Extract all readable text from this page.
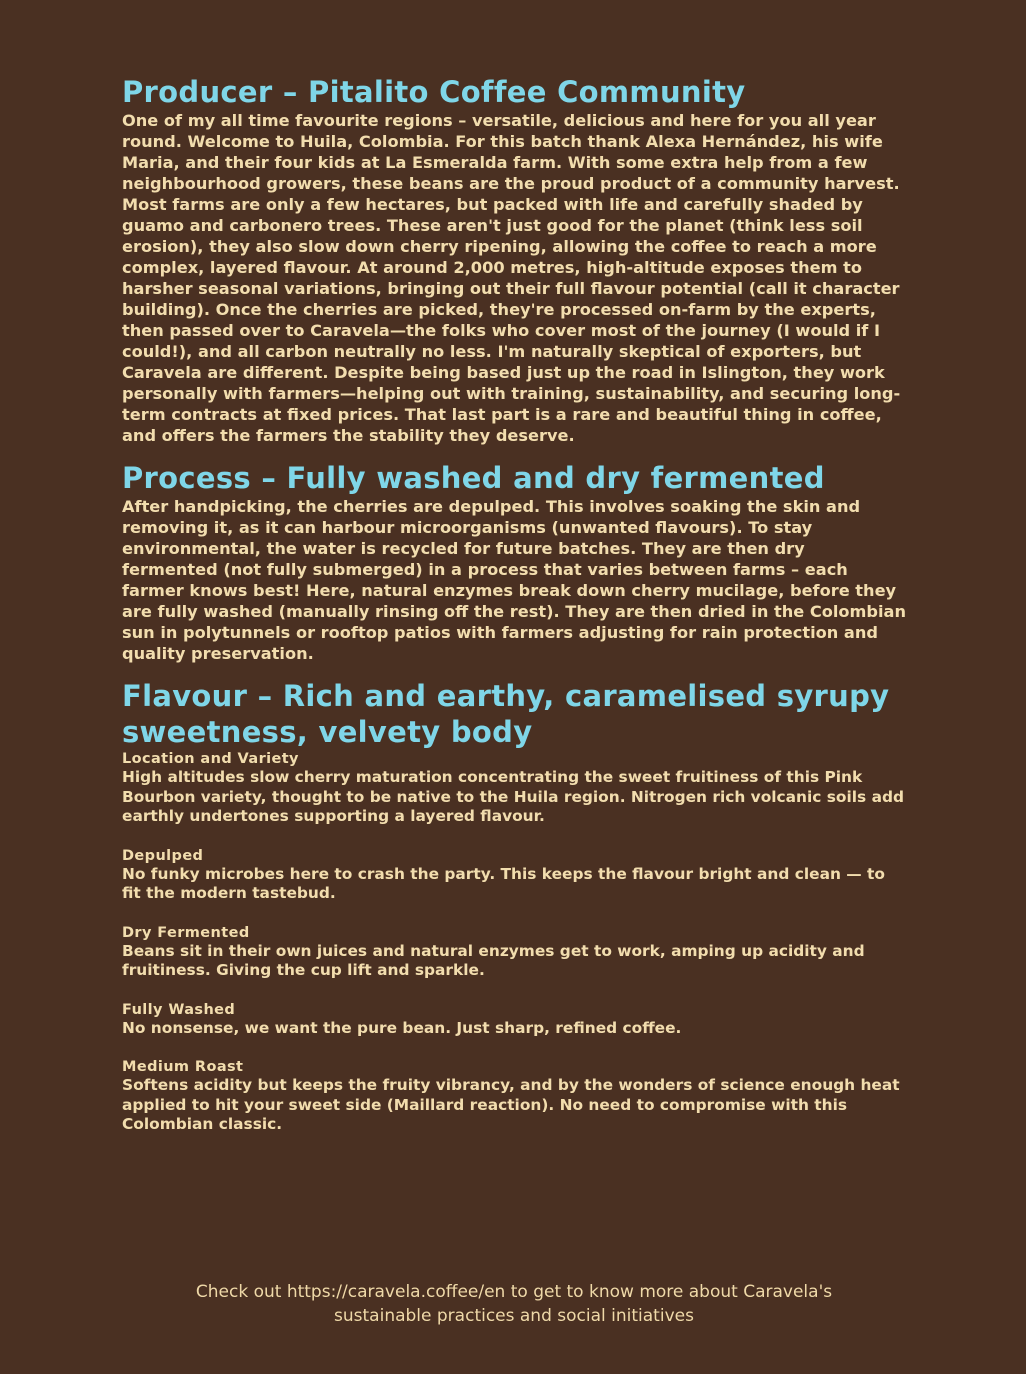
Producer – Pitalito Coffee Community

One of my all time favourite regions – versatile, delicious and here for you all year round. Welcome to Huila, Colombia. For this batch thank Alexa Hernández, his wife Maria, and their four kids at La Esmeralda farm. With some extra help from a few neighbourhood growers, these beans are the proud product of a community harvest. Most farms are only a few hectares, but packed with life and carefully shaded by guamo and carbonero trees. These aren't just good for the planet (think less soil erosion), they also slow down cherry ripening, allowing the coffee to reach a more complex, layered flavour. At around 2,000 metres, high-altitude exposes them to harsher seasonal variations, bringing out their full flavour potential (call it character building). Once the cherries are picked, they're processed on-farm by the experts, then passed over to Caravela—the folks who cover most of the journey (I would if I could!), and all carbon neutrally no less. I'm naturally skeptical of exporters, but Caravela are different. Despite being based just up the road in Islington, they work personally with farmers—helping out with training, sustainability, and securing long-term contracts at fixed prices. That last part is a rare and beautiful thing in coffee, and offers the farmers the stability they deserve.

Process – Fully washed and dry fermented

After handpicking, the cherries are depulped. This involves soaking the skin and removing it, as it can harbour microorganisms (unwanted flavours). To stay environmental, the water is recycled for future batches. They are then dry fermented (not fully submerged) in a process that varies between farms – each farmer knows best! Here, natural enzymes break down cherry mucilage, before they are fully washed (manually rinsing off the rest). They are then dried in the Colombian sun in polytunnels or rooftop patios with farmers adjusting for rain protection and quality preservation.

Flavour – Rich and earthy, caramelised syrupy sweetness, velvety body

Location and Variety

High altitudes slow cherry maturation concentrating the sweet fruitiness of this Pink Bourbon variety, thought to be native to the Huila region. Nitrogen rich volcanic soils add earthly undertones supporting a layered flavour.

Depulped

No funky microbes here to crash the party. This keeps the flavour bright and clean — to fit the modern tastebud.

Dry Fermented

Beans sit in their own juices and natural enzymes get to work, amping up acidity and fruitiness. Giving the cup lift and sparkle.

Fully Washed

No nonsense, we want the pure bean. Just sharp, refined coffee.

Medium Roast

Softens acidity but keeps the fruity vibrancy, and by the wonders of science enough heat applied to hit your sweet side (Maillard reaction). No need to compromise with this Colombian classic.

Check out https://caravela.coffee/en to get to know more about Caravela's
sustainable practices and social initiatives
